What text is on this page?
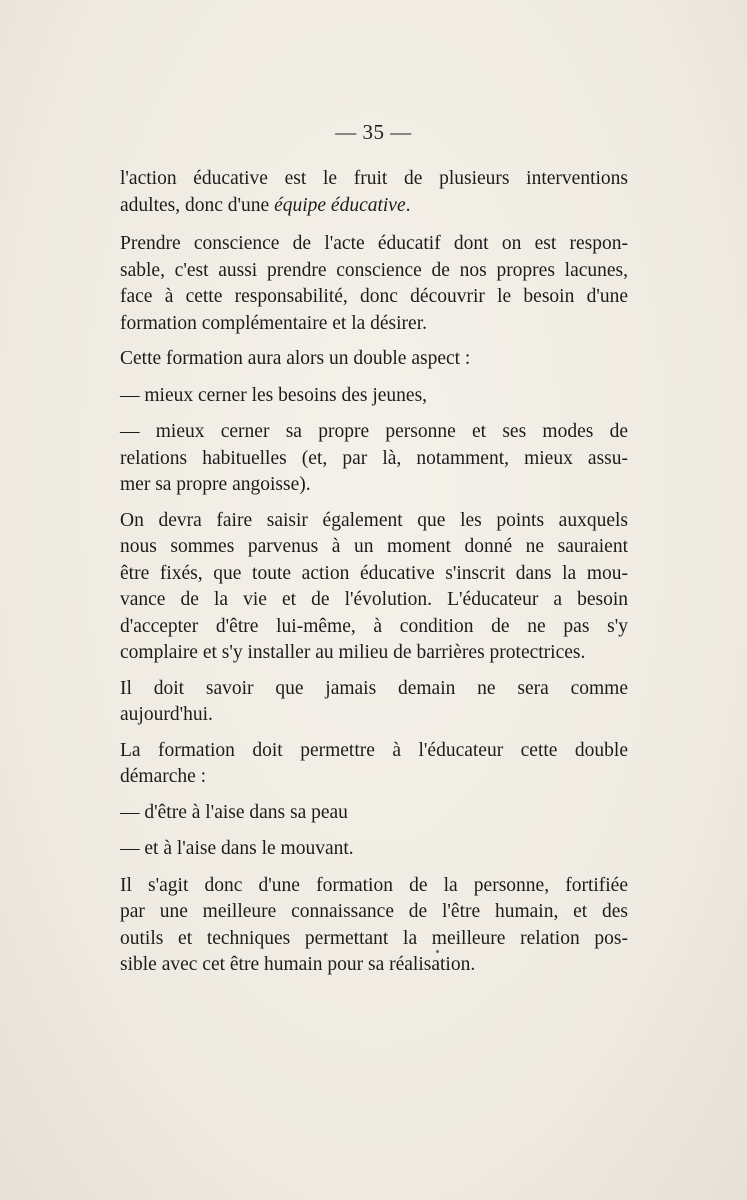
— 35 —

l'action éducative est le fruit de plusieurs interventions
adultes, donc d'une équipe éducative.

Prendre conscience de l'acte éducatif dont on est respon-
sable, c'est aussi prendre conscience de nos propres lacunes,
face à cette responsabilité, donc découvrir le besoin d'une
formation complémentaire et la désirer.

Cette formation aura alors un double aspect :

— mieux cerner les besoins des jeunes,

— mieux cerner sa propre personne et ses modes de
relations habituelles (et, par là, notamment, mieux assu-
mer sa propre angoisse).

On devra faire saisir également que les points auxquels
nous sommes parvenus à un moment donné ne sauraient
être fixés, que toute action éducative s'inscrit dans la mou-
vance de la vie et de l'évolution. L'éducateur a besoin
d'accepter d'être lui-même, à condition de ne pas s'y
complaire et s'y installer au milieu de barrières protectrices.

Il doit savoir que jamais demain ne sera comme
aujourd'hui.

La formation doit permettre à l'éducateur cette double
démarche :

— d'être à l'aise dans sa peau

— et à l'aise dans le mouvant.

Il s'agit donc d'une formation de la personne, fortifiée
par une meilleure connaissance de l'être humain, et des
outils et techniques permettant la meilleure relation pos-
sible avec cet être humain pour sa réalisation.
